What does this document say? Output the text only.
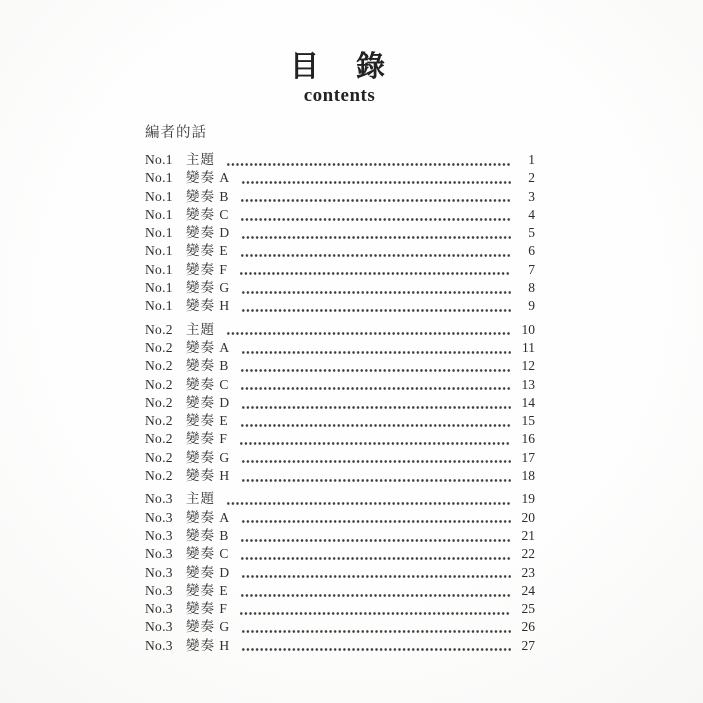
目　錄
contents
編者的話
No.1 主題	1
No.1 變奏 A	2
No.1 變奏 B	3
No.1 變奏 C	4
No.1 變奏 D	5
No.1 變奏 E	6
No.1 變奏 F	7
No.1 變奏 G	8
No.1 變奏 H	9
No.2 主題	10
No.2 變奏 A	11
No.2 變奏 B	12
No.2 變奏 C	13
No.2 變奏 D	14
No.2 變奏 E	15
No.2 變奏 F	16
No.2 變奏 G	17
No.2 變奏 H	18
No.3 主題	19
No.3 變奏 A	20
No.3 變奏 B	21
No.3 變奏 C	22
No.3 變奏 D	23
No.3 變奏 E	24
No.3 變奏 F	25
No.3 變奏 G	26
No.3 變奏 H	27
